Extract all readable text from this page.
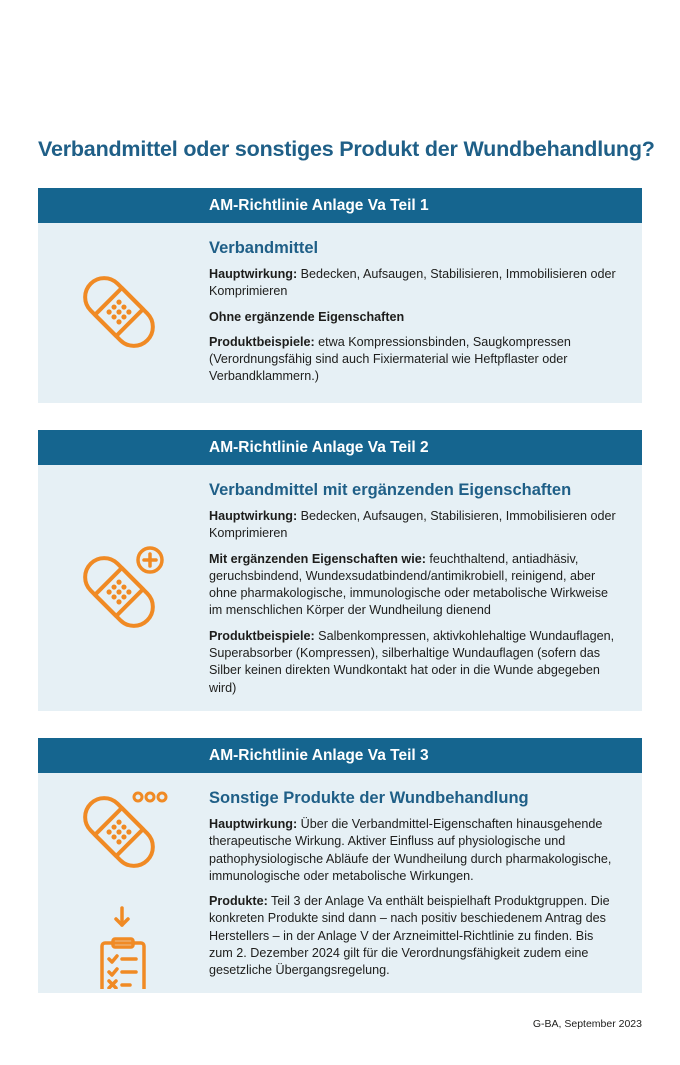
Verbandmittel oder sonstiges Produkt der Wundbehandlung?
AM-Richtlinie Anlage Va Teil 1
Verbandmittel

Hauptwirkung: Bedecken, Aufsaugen, Stabilisieren, Immobilisieren oder Komprimieren

Ohne ergänzende Eigenschaften

Produktbeispiele: etwa Kompressionsbinden, Saugkompressen (Verordnungsfähig sind auch Fixiermaterial wie Heftpflaster oder Verbandklammern.)

AM-Richtlinie Anlage Va Teil 2
Verbandmittel mit ergänzenden Eigenschaften

Hauptwirkung: Bedecken, Aufsaugen, Stabilisieren, Immobilisieren oder Komprimieren

Mit ergänzenden Eigenschaften wie: feuchthaltend, antiadhäsiv, geruchsbindend, Wundexsudatbindend/antimikrobiell, reinigend, aber ohne pharmakologische, immunologische oder metabolische Wirkweise im menschlichen Körper der Wundheilung dienend

Produktbeispiele: Salbenkompressen, aktivkohlehaltige Wundauflagen, Superabsorber (Kompressen), silberhaltige Wundauflagen (sofern das Silber keinen direkten Wundkontakt hat oder in die Wunde abgegeben wird)

AM-Richtlinie Anlage Va Teil 3
Sonstige Produkte der Wundbehandlung

Hauptwirkung: Über die Verbandmittel-Eigenschaften hinausgehende therapeutische Wirkung. Aktiver Einfluss auf physiologische und pathophysiologische Abläufe der Wundheilung durch pharmakologische, immunologische oder metabolische Wirkungen.

Produkte: Teil 3 der Anlage Va enthält beispielhaft Produktgruppen. Die konkreten Produkte sind dann – nach positiv beschiedenem Antrag des Herstellers – in der Anlage V der Arzneimittel-Richtlinie zu finden. Bis zum 2. Dezember 2024 gilt für die Verordnungsfähigkeit zudem eine gesetzliche Übergangsregelung.

G-BA, September 2023
